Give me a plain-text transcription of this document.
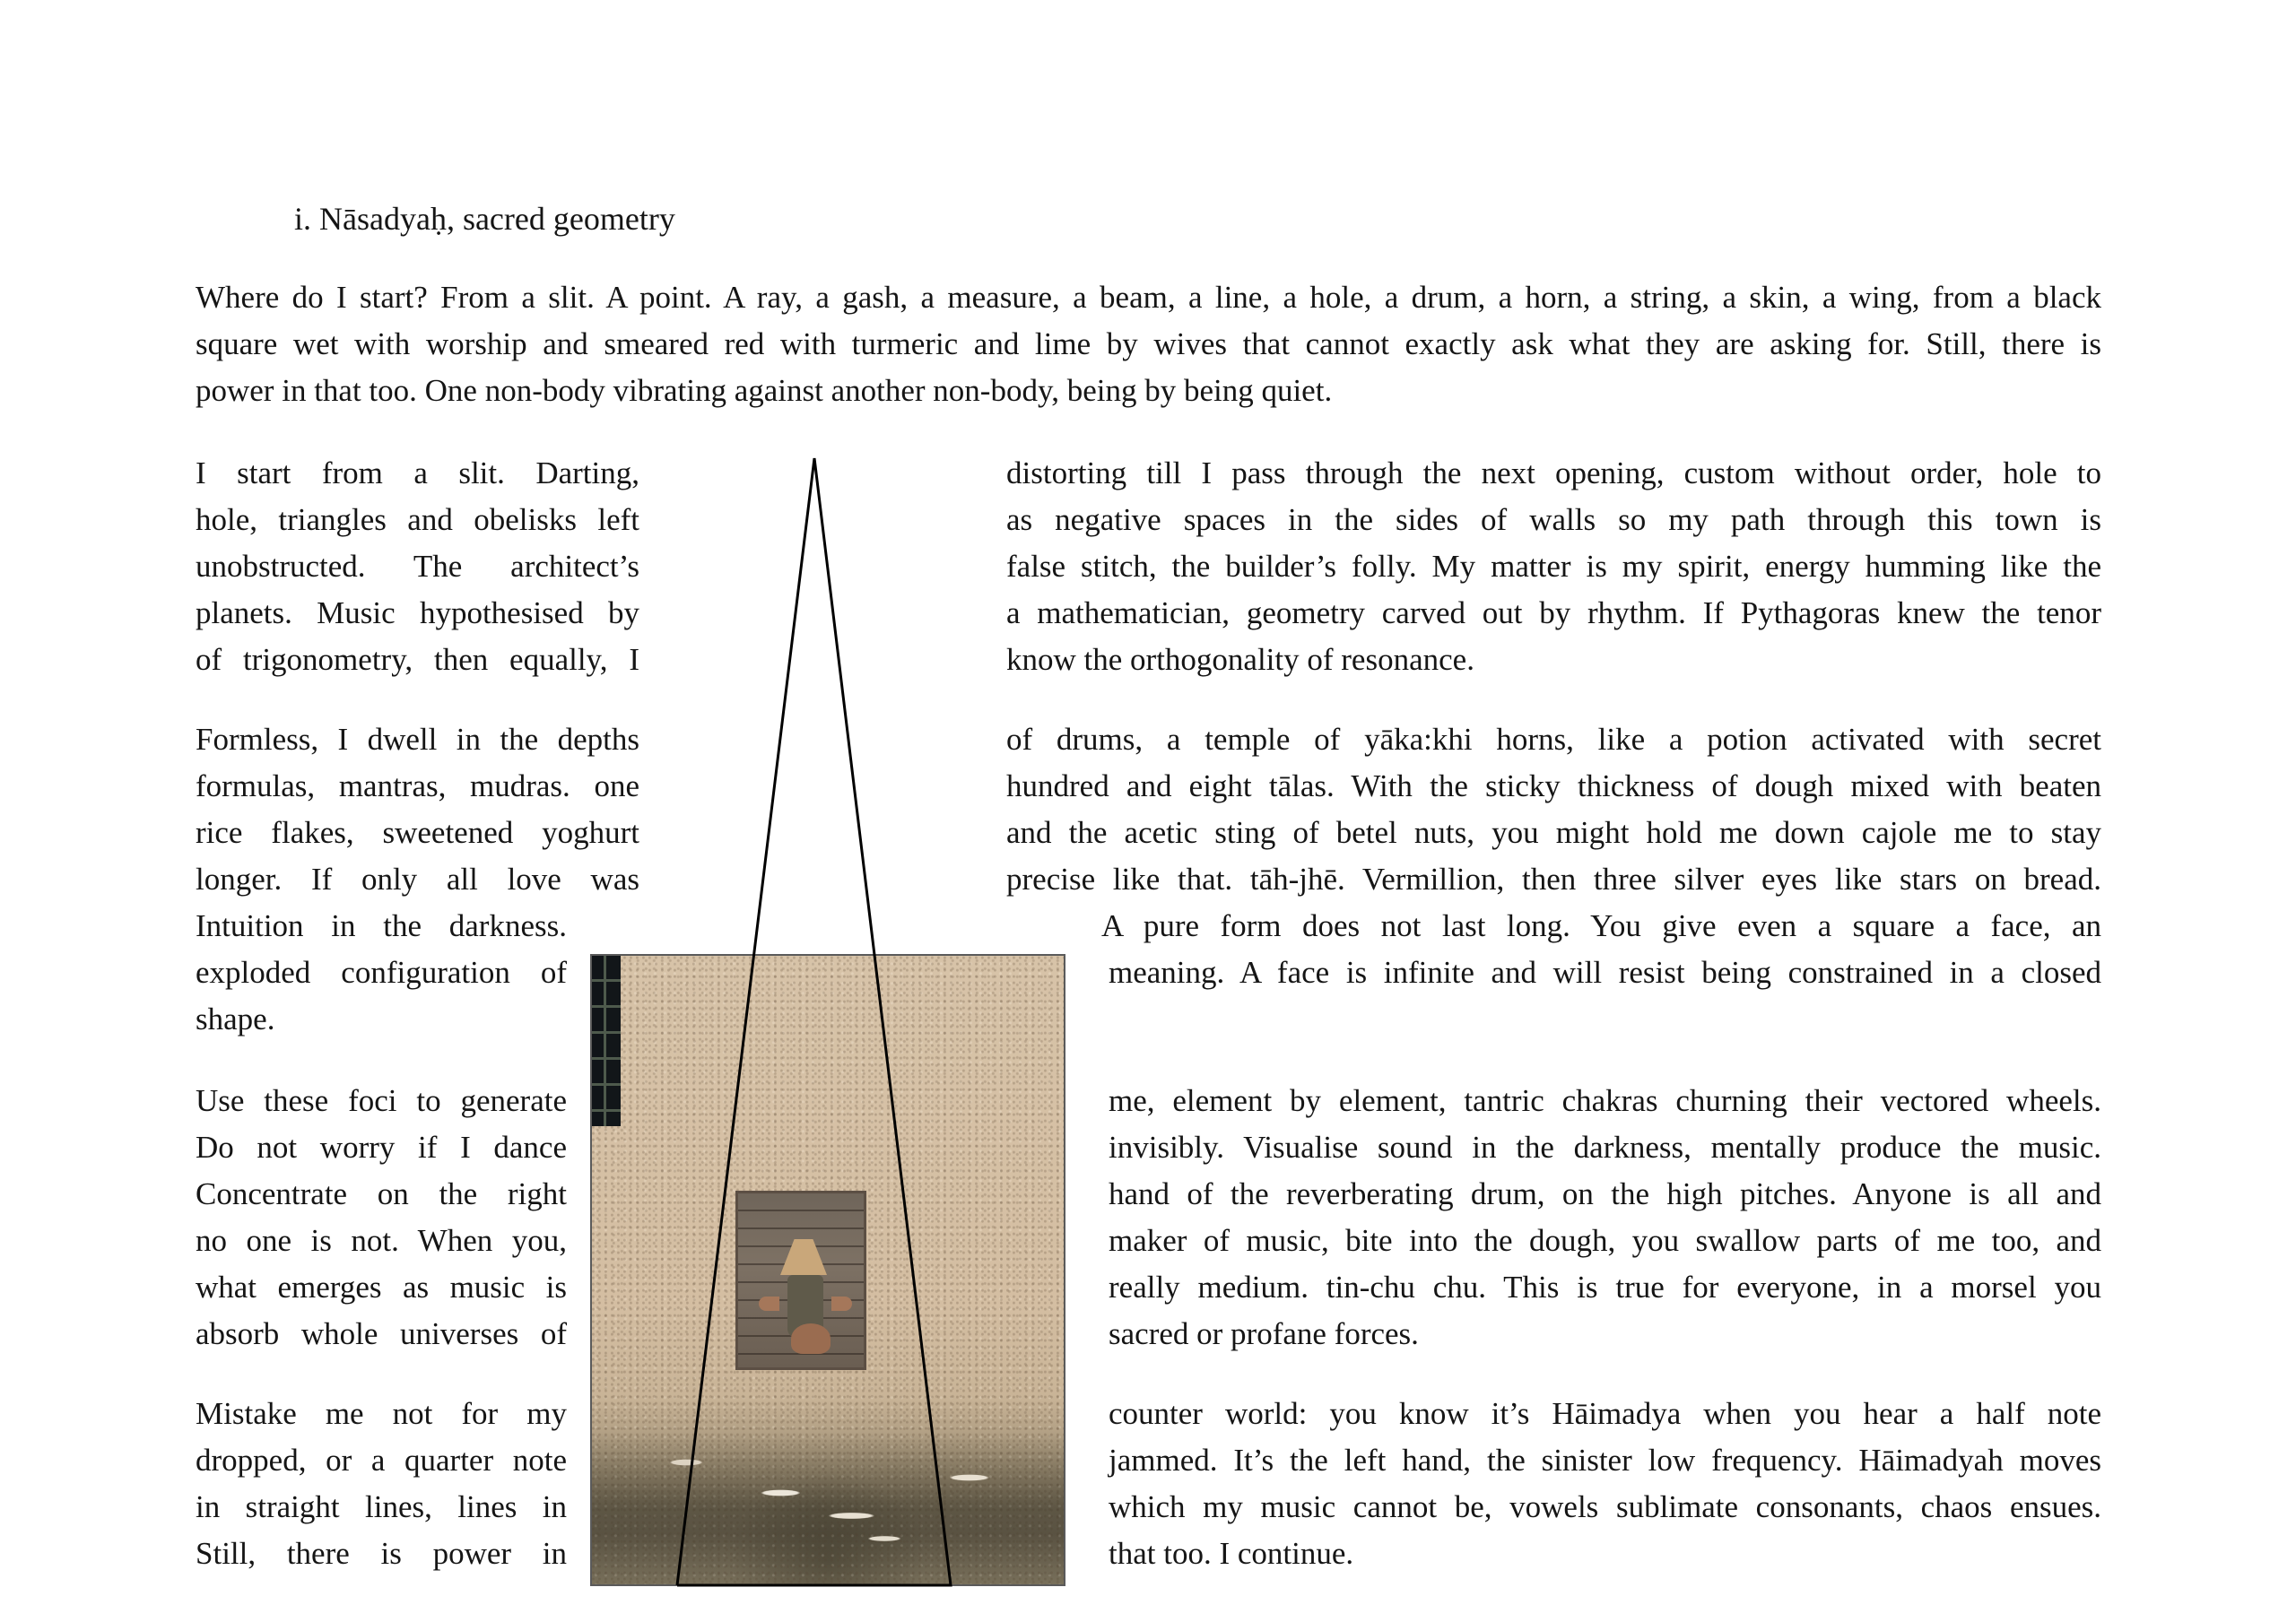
i. Nāsadyaḥ, sacred geometry
Where do I start? From a slit. A point. A ray, a gash, a measure, a beam, a line, a hole, a drum, a horn, a string, a skin, a wing, from a black
square wet with worship and smeared red with turmeric and lime by wives that cannot exactly ask what they are asking for. Still, there is
power in that too. One non-body vibrating against another non-body, being by being quiet.
I start from a slit. Darting,
hole, triangles and obelisks left
unobstructed. The architect’s
planets. Music hypothesised by
of trigonometry, then equally, I
distorting till I pass through the next opening, custom without order, hole to
as negative spaces in the sides of walls so my path through this town is
false stitch, the builder’s folly. My matter is my spirit, energy humming like the
a mathematician, geometry carved out by rhythm. If Pythagoras knew the tenor
know the orthogonality of resonance.
Formless, I dwell in the depths
formulas, mantras, mudras. one
rice flakes, sweetened yoghurt
longer. If only all love was
Intuition in the darkness.
exploded configuration of
shape.
of drums, a temple of yāka:khi horns, like a potion activated with secret
hundred and eight tālas. With the sticky thickness of dough mixed with beaten
and the acetic sting of betel nuts, you might hold me down cajole me to stay
precise like that. tāh-jhē. Vermillion, then three silver eyes like stars on bread.
A pure form does not last long. You give even a square a face, an
meaning. A face is infinite and will resist being constrained in a closed
Use these foci to generate
Do not worry if I dance
Concentrate on the right
no one is not. When you,
what emerges as music is
absorb whole universes of
me, element by element, tantric chakras churning their vectored wheels.
invisibly. Visualise sound in the darkness, mentally produce the music.
hand of the reverberating drum, on the high pitches. Anyone is all and
maker of music, bite into the dough, you swallow parts of me too, and
really medium. tin-chu chu. This is true for everyone, in a morsel you
sacred or profane forces.
Mistake me not for my
dropped, or a quarter note
in straight lines, lines in
Still, there is power in
counter world: you know it’s Hāimadya when you hear a half note
jammed. It’s the left hand, the sinister low frequency. Hāimadyah moves
which my music cannot be, vowels sublimate consonants, chaos ensues.
that too. I continue.
